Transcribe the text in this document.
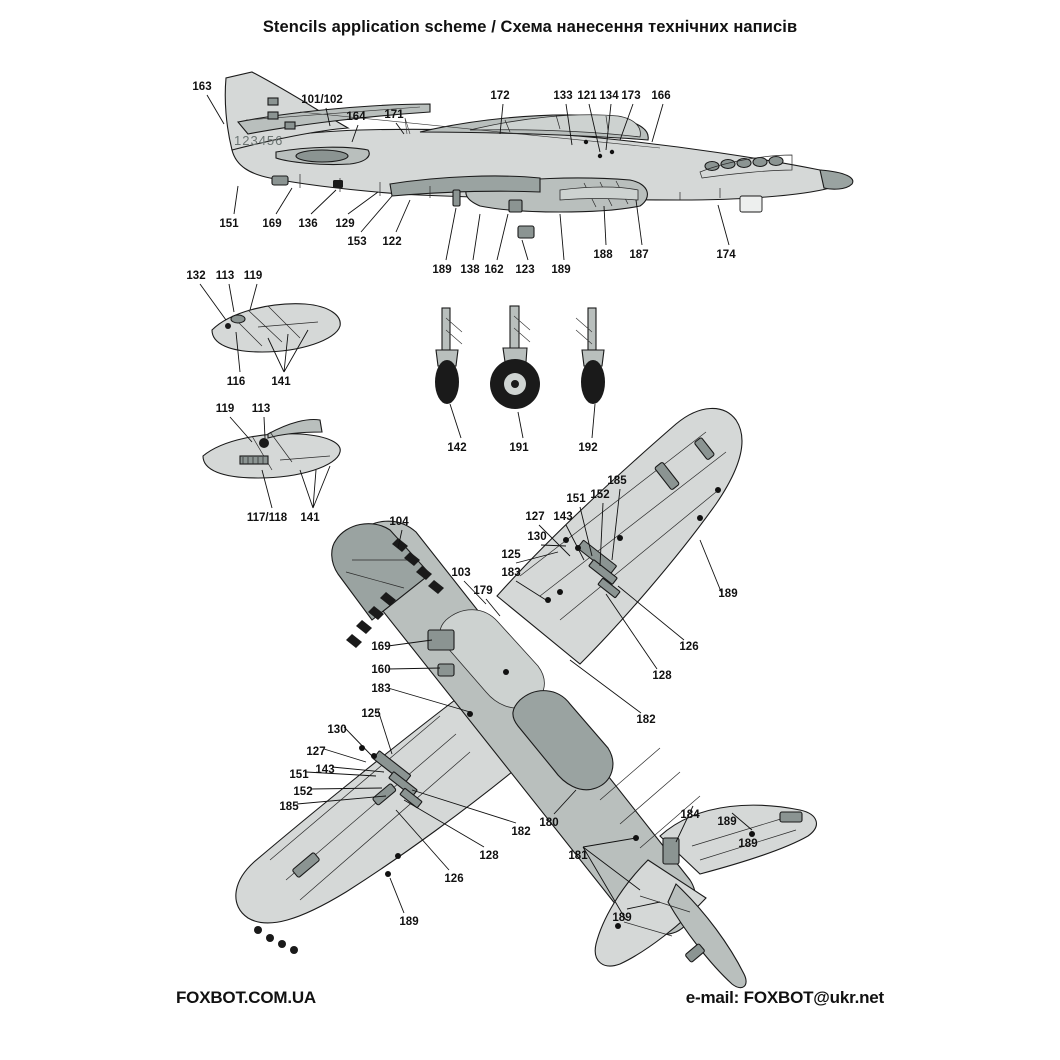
Stencils application scheme / Схема нанесення технічних написів
123456
163
101/102
164 171
172	133 121 134 173 166
151 169 136 129
153 122
189 138 162 123 189
188 187	174
132 113 119
116 141
119 113
117/118 141
142	191	192
104
103
179
183
125
130
127 143
151 152
185
189
126
128
182
169
160
183
125
130
127
151 143
152
185
182
128
126
189
180
184
189
181
189
189
FOXBOT.COM.UA	e-mail: FOXBOT@ukr.net
